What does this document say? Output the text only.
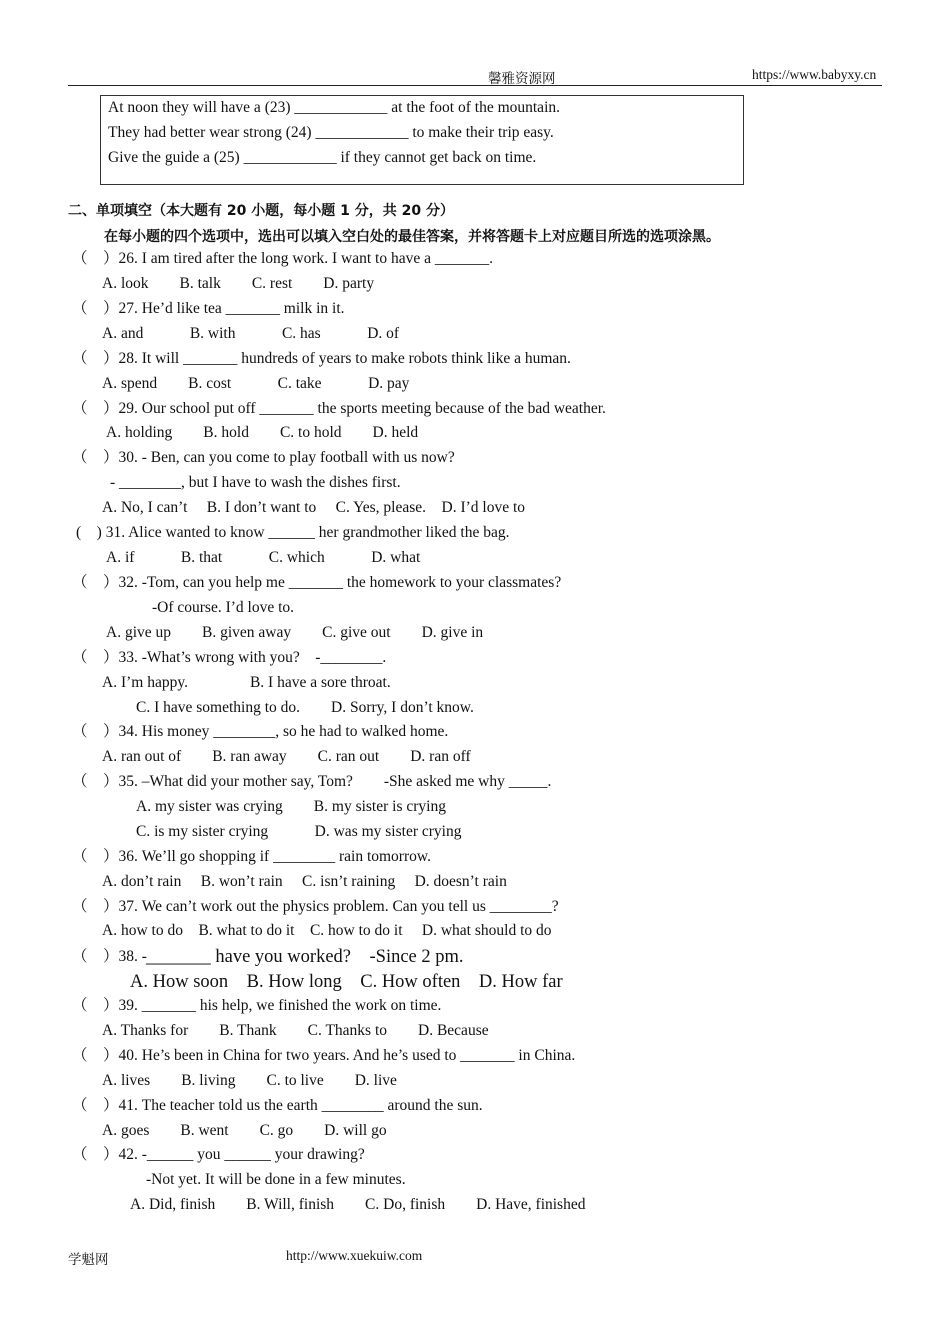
馨雅资源网	https://www.babyxy.cn
At noon they will have a (23) ____________ at the foot of the mountain.
They had better wear strong (24) ____________ to make their trip easy.
Give the guide a (25) ____________ if they cannot get back on time.
二、单项填空（本大题有 20 小题，每小题 1 分，共 20 分）
在每小题的四个选项中，选出可以填入空白处的最佳答案，并将答题卡上对应题目所选的选项涂黑。
（　）26. I am tired after the long work. I want to have a _______.
A. look　　B. talk　　C. rest　　D. party
（　）27. He’d like tea _______ milk in it.
A. and　　　B. with　　　C. has　　　D. of
（　）28. It will _______ hundreds of years to make robots think like a human.
A. spend　　B. cost　　　C. take　　　D. pay
（　）29. Our school put off _______ the sports meeting because of the bad weather.
A. holding　　B. hold　　C. to hold　　D. held
（　）30. - Ben, can you come to play football with us now?
- ________, but I have to wash the dishes first.
A. No, I can’t　 B. I don’t want to　 C. Yes, please.　D. I’d love to
(　) 31. Alice wanted to know ______ her grandmother liked the bag.
A. if　　　B. that　　　C. which　　　D. what
（　）32. -Tom, can you help me _______ the homework to your classmates?
-Of course. I’d love to.
A. give up　　B. given away　　C. give out　　D. give in
（　）33. -What’s wrong with you?　-________.
A. I’m happy.　　　　B. I have a sore throat.
C. I have something to do.　　D. Sorry, I don’t know.
（　）34. His money ________, so he had to walked home.
A. ran out of　　B. ran away　　C. ran out　　D. ran off
（　）35. –What did your mother say, Tom?　　-She asked me why _____.
A. my sister was crying　　B. my sister is crying
C. is my sister crying　　　D. was my sister crying
（　）36. We’ll go shopping if ________ rain tomorrow.
A. don’t rain　 B. won’t rain　 C. isn’t raining　 D. doesn’t rain
（　）37. We can’t work out the physics problem. Can you tell us ________?
A. how to do　B. what to do it　C. how to do it　 D. what should to do
（　）38. - _______ have you worked?　-Since 2 pm.
A. How soon　B. How long　C. How often　D. How far
（　）39. _______ his help, we finished the work on time.
A. Thanks for　　B. Thank　　C. Thanks to　　D. Because
（　）40. He’s been in China for two years. And he’s used to _______ in China.
A. lives　　B. living　　C. to live　　D. live
（　）41. The teacher told us the earth ________ around the sun.
A. goes　　B. went　　C. go　　D. will go
（　）42. -______ you ______ your drawing?
-Not yet. It will be done in a few minutes.
A. Did, finish　　B. Will, finish　　C. Do, finish　　D. Have, finished
学魁网	http://www.xuekuiw.com
